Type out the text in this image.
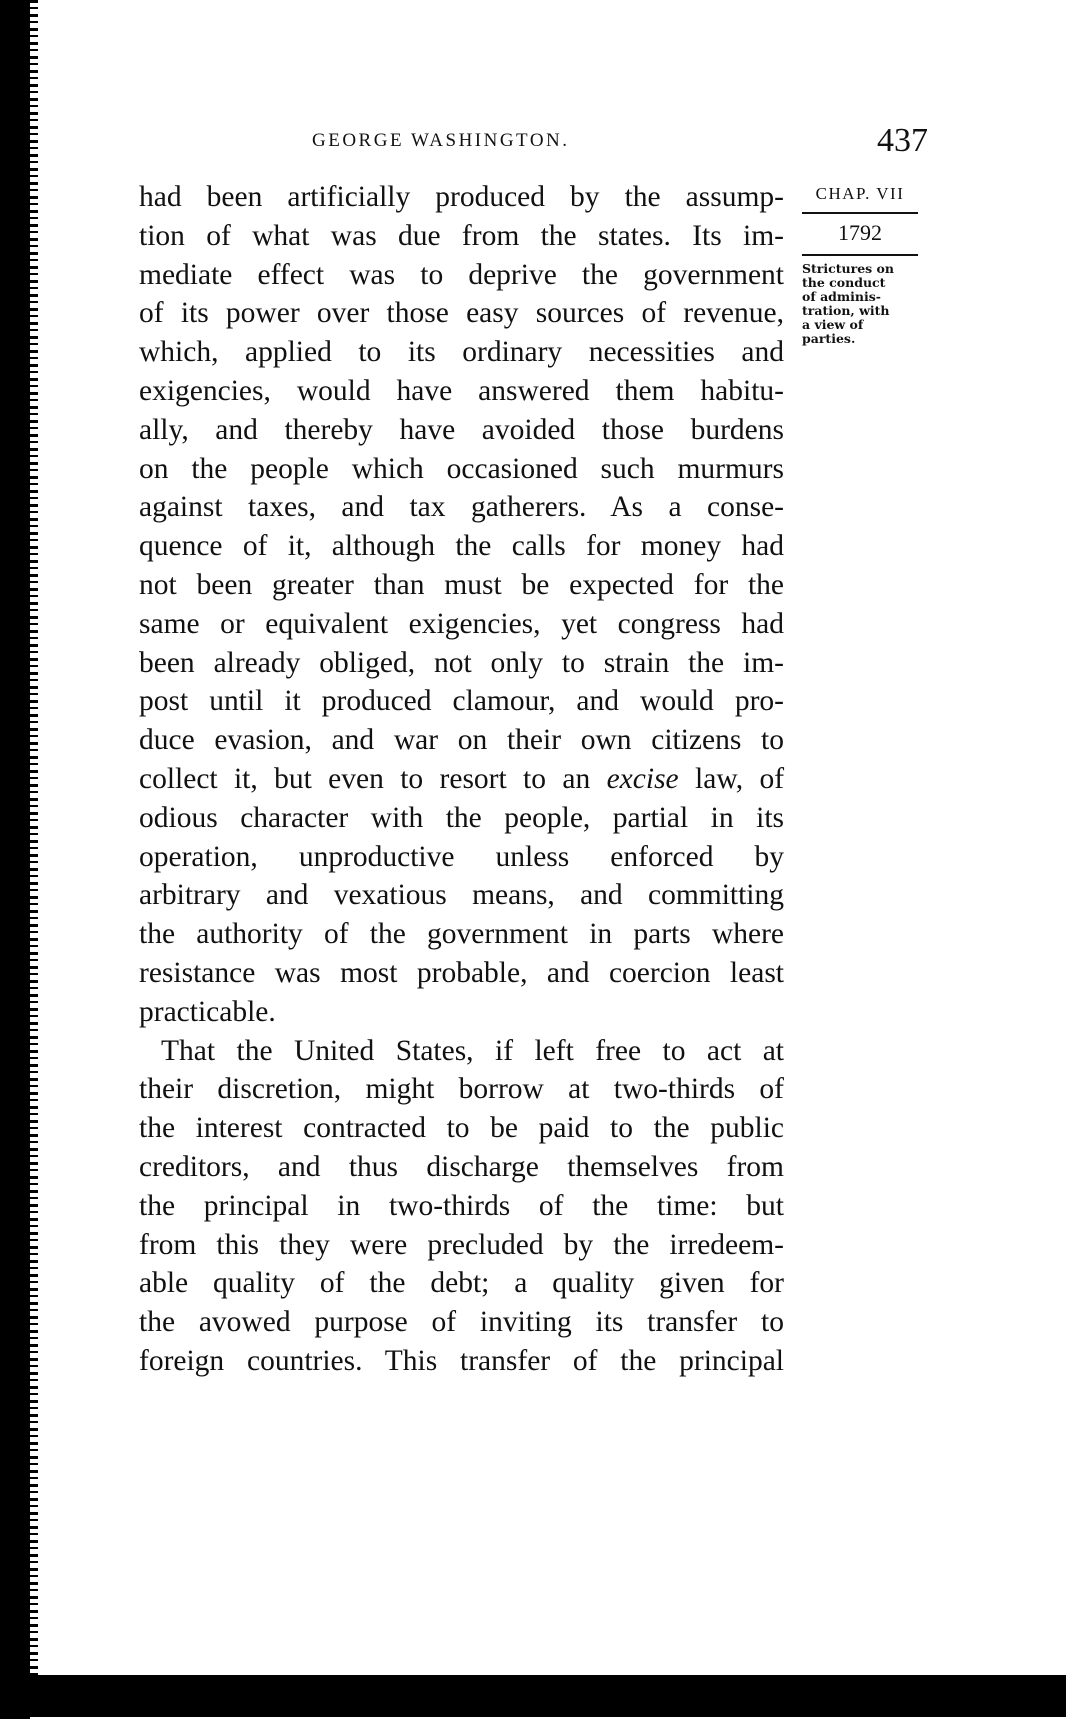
GEORGE WASHINGTON.	437
CHAP. VII
1792
Strictures on
the conduct
of adminis-
tration, with
a view of
parties.
had been artificially produced by the assump-
tion of what was due from the states. Its im-
mediate effect was to deprive the government
of its power over those easy sources of revenue,
which, applied to its ordinary necessities and
exigencies, would have answered them habitu-
ally, and thereby have avoided those burdens
on the people which occasioned such murmurs
against taxes, and tax gatherers. As a conse-
quence of it, although the calls for money had
not been greater than must be expected for the
same or equivalent exigencies, yet congress had
been already obliged, not only to strain the im-
post until it produced clamour, and would pro-
duce evasion, and war on their own citizens to
collect it, but even to resort to an excise law, of
odious character with the people, partial in its
operation, unproductive unless enforced by
arbitrary and vexatious means, and committing
the authority of the government in parts where
resistance was most probable, and coercion least
practicable.
That the United States, if left free to act at
their discretion, might borrow at two-thirds of
the interest contracted to be paid to the public
creditors, and thus discharge themselves from
the principal in two-thirds of the time: but
from this they were precluded by the irredeem-
able quality of the debt; a quality given for
the avowed purpose of inviting its transfer to
foreign countries. This transfer of the principal
